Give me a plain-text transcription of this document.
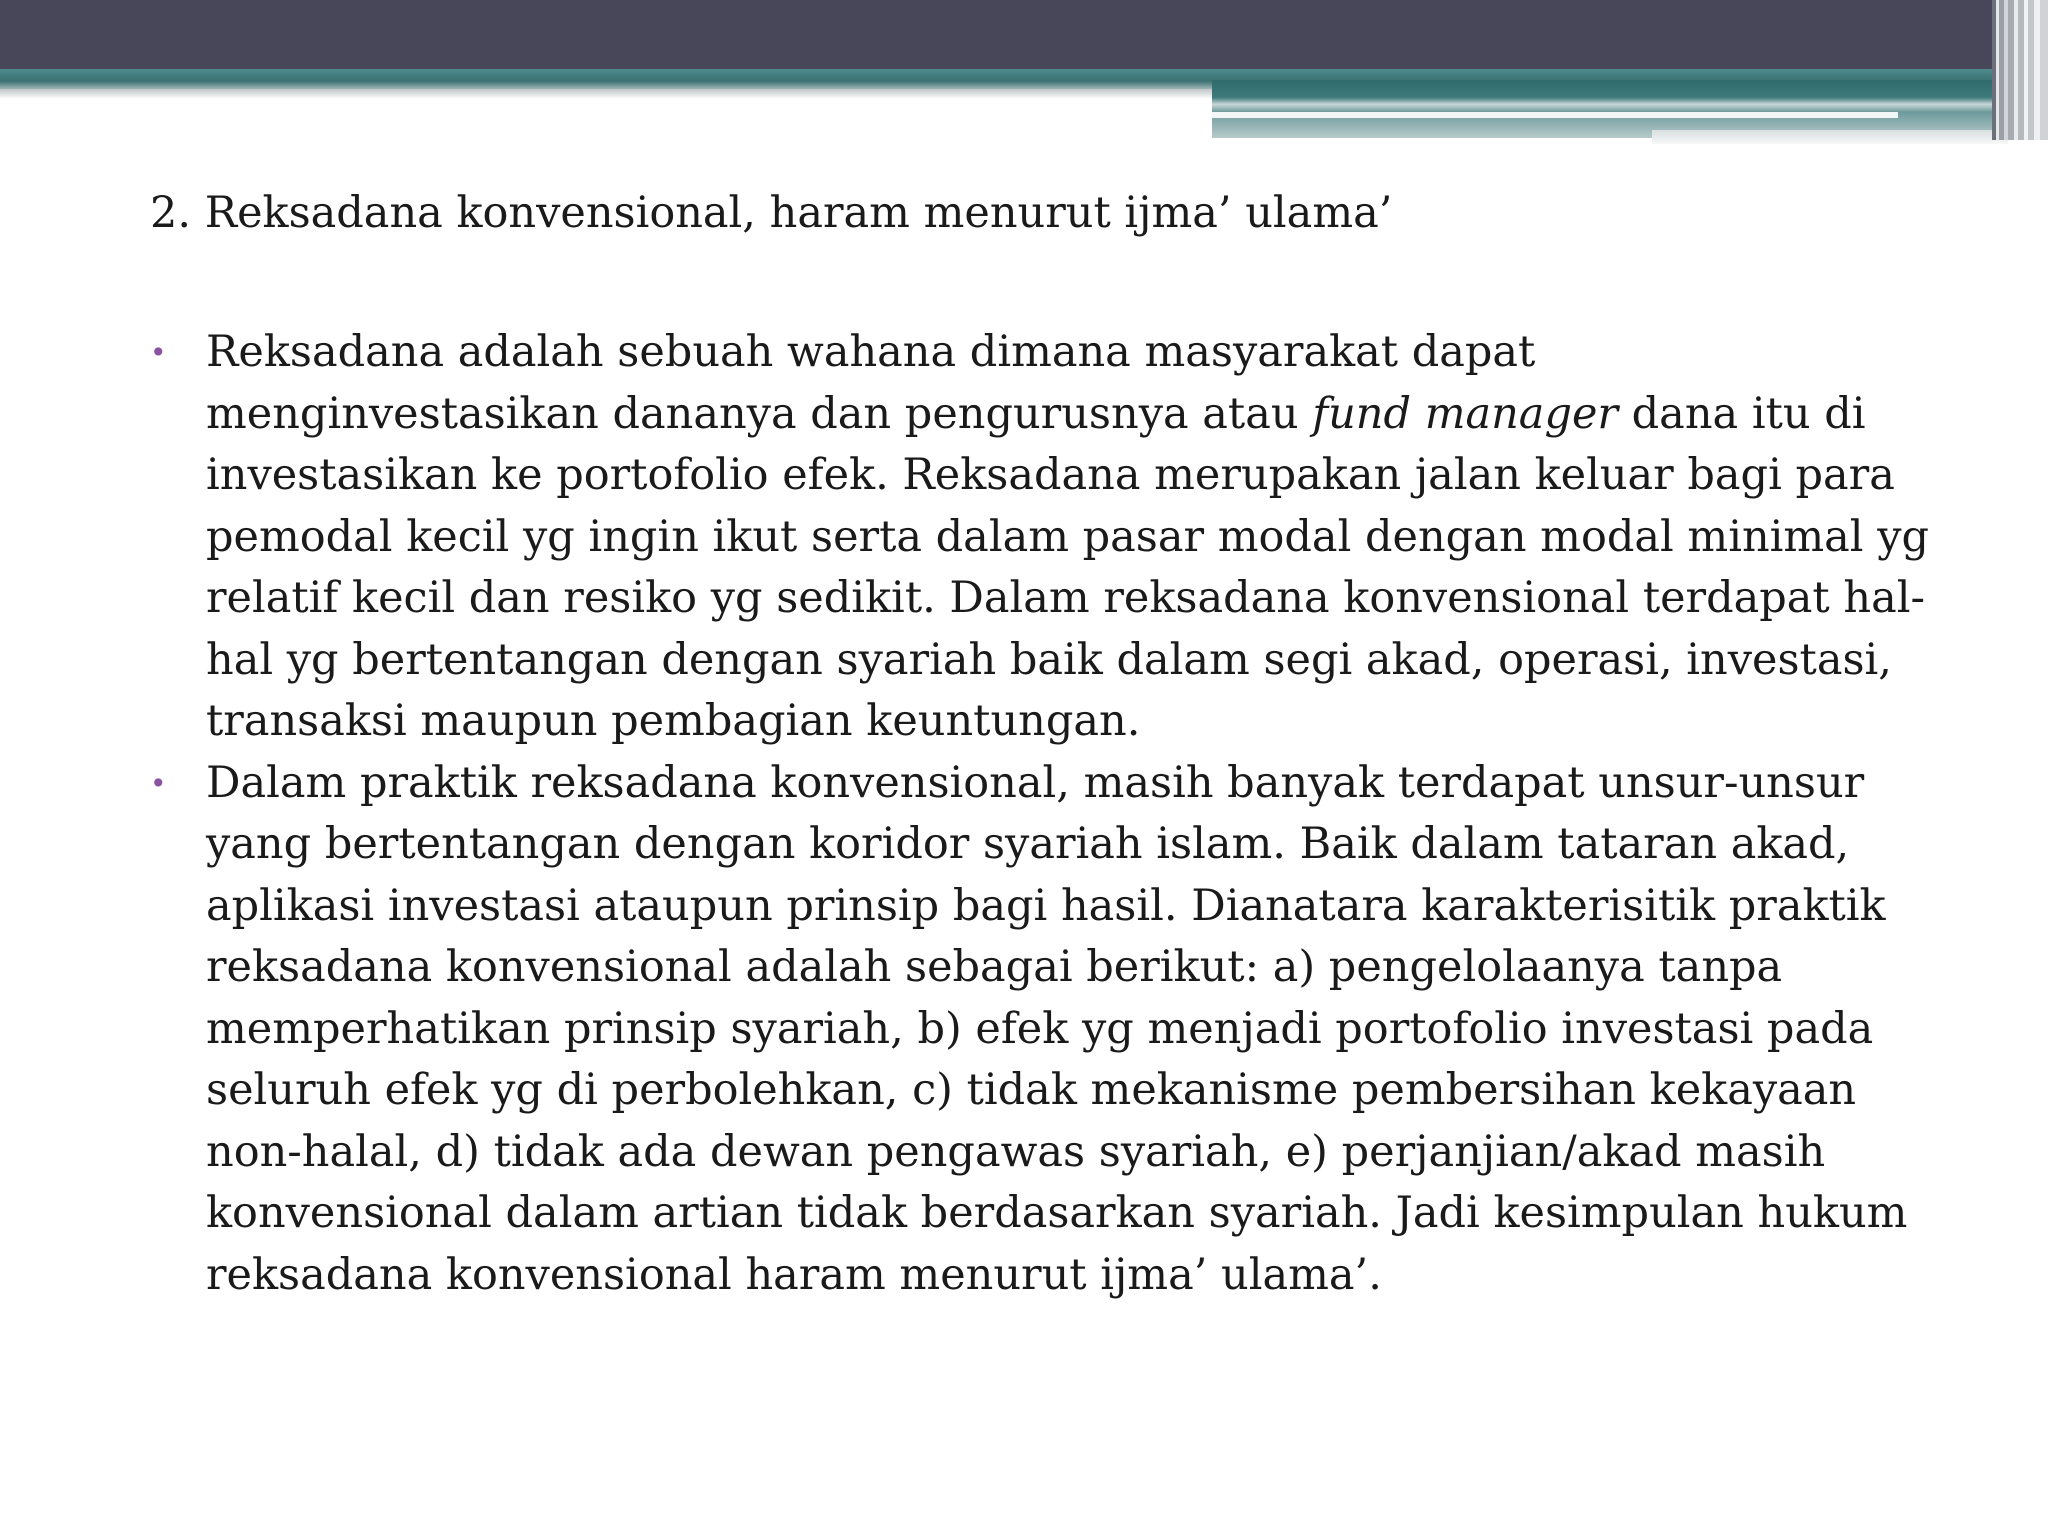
2. Reksadana konvensional, haram menurut ijma’ ulama’
• Reksadana adalah sebuah wahana dimana masyarakat dapat menginvestasikan dananya dan pengurusnya atau fund manager dana itu di investasikan ke portofolio efek. Reksadana merupakan jalan keluar bagi para pemodal kecil yg ingin ikut serta dalam pasar modal dengan modal minimal yg relatif kecil dan resiko yg sedikit. Dalam reksadana konvensional terdapat hal-hal yg bertentangan dengan syariah baik dalam segi akad, operasi, investasi, transaksi maupun pembagian keuntungan.
• Dalam praktik reksadana konvensional, masih banyak terdapat unsur-unsur yang bertentangan dengan koridor syariah islam. Baik dalam tataran akad, aplikasi investasi ataupun prinsip bagi hasil. Dianatara karakterisitik praktik reksadana konvensional adalah sebagai berikut: a) pengelolaanya tanpa memperhatikan prinsip syariah, b) efek yg menjadi portofolio investasi pada seluruh efek yg di perbolehkan, c) tidak mekanisme pembersihan kekayaan non-halal, d) tidak ada dewan pengawas syariah, e) perjanjian/akad masih konvensional dalam artian tidak berdasarkan syariah. Jadi kesimpulan hukum reksadana konvensional haram menurut ijma’ ulama’.
